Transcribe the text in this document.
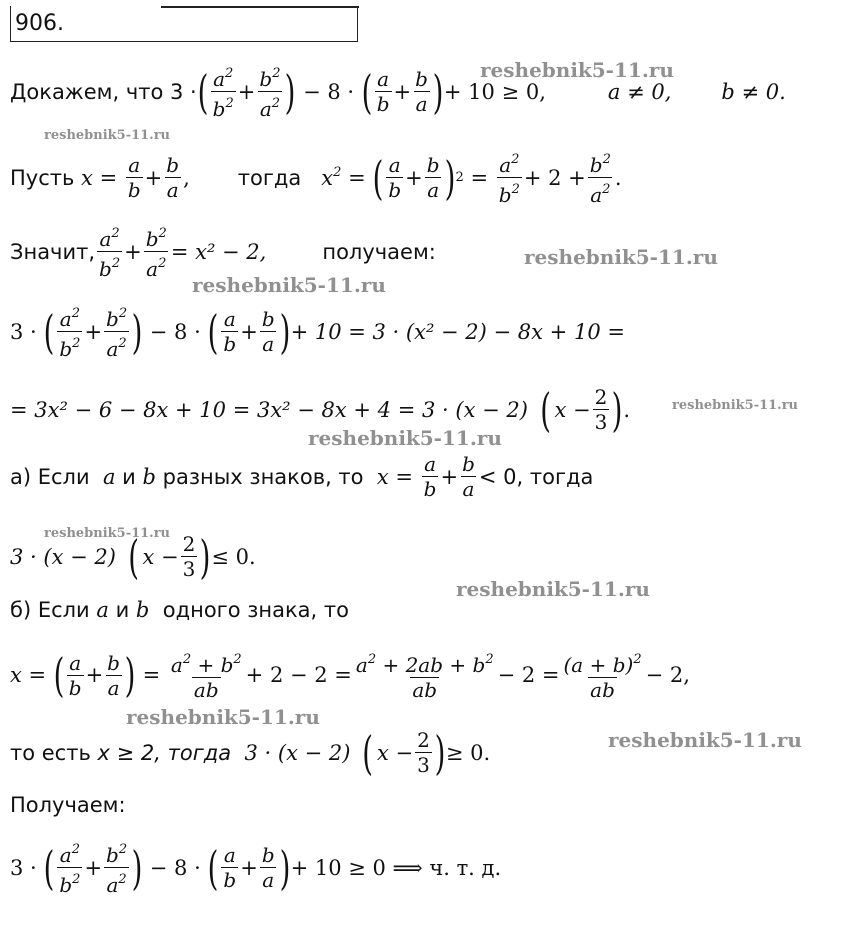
906.
Докажем, что 3 · ( $\frac{a^2}{b^2} + \frac{b^2}{a^2}$ ) − 8 · ( $\frac{a}{b} + \frac{b}{a}$ ) + 10 ≥ 0,	a ≠ 0, b ≠ 0.
Пусть $x = \frac{a}{b} + \frac{b}{a}$ , тогда $x^2$ = ( $\frac{a}{b} + \frac{b}{a}$ ) $2 = \frac{a^2}{b^2} + 2 + \frac{b^2}{a^2}$ .
Значит, $\frac{a^2}{b^2} + \frac{b^2}{a^2} = x^2 - 2$,	получаем:
3 · ( $\frac{a^2}{b^2} + \frac{b^2}{a^2}$ ) − 8 · ( $\frac{a}{b} + \frac{b}{a}$ ) + 10 = 3 · (x² − 2) − 8x + 10 =
= 3x² − 6 − 8x + 10 = 3x² − 8x + 4 = 3 · (x − 2) ( $x - \frac{2}{3}$ ) .
а) Если a и b разных знаков, то $x = \frac{a}{b} + \frac{b}{a} < 0$, тогда
3 · (x − 2) ( $x - \frac{2}{3}$ ) ≤ 0.
б) Если a и b одного знака, то
x = ( $\frac{a}{b} + \frac{b}{a}$ ) = $\frac{a^2 + b^2}{ab} + 2 - 2 = \frac{a^2 + 2ab + b^2}{ab} - 2 = \frac{(a + b)^2}{ab} - 2$,
то есть
x ≥ 2, тогда
3 · (x − 2) ( $x - \frac{2}{3}$ ) ≥ 0.
Получаем:
3 · ( $\frac{a^2}{b^2} + \frac{b^2}{a^2}$ ) − 8 · ( $\frac{a}{b} + \frac{b}{a}$ ) + 10 ≥ 0 ⟹ ч. т. д.
reshebnik5-11.ru
reshebnik5-11.ru
reshebnik5-11.ru
reshebnik5-11.ru
reshebnik5-11.ru
reshebnik5-11.ru
reshebnik5-11.ru
reshebnik5-11.ru
reshebnik5-11.ru
reshebnik5-11.ru
